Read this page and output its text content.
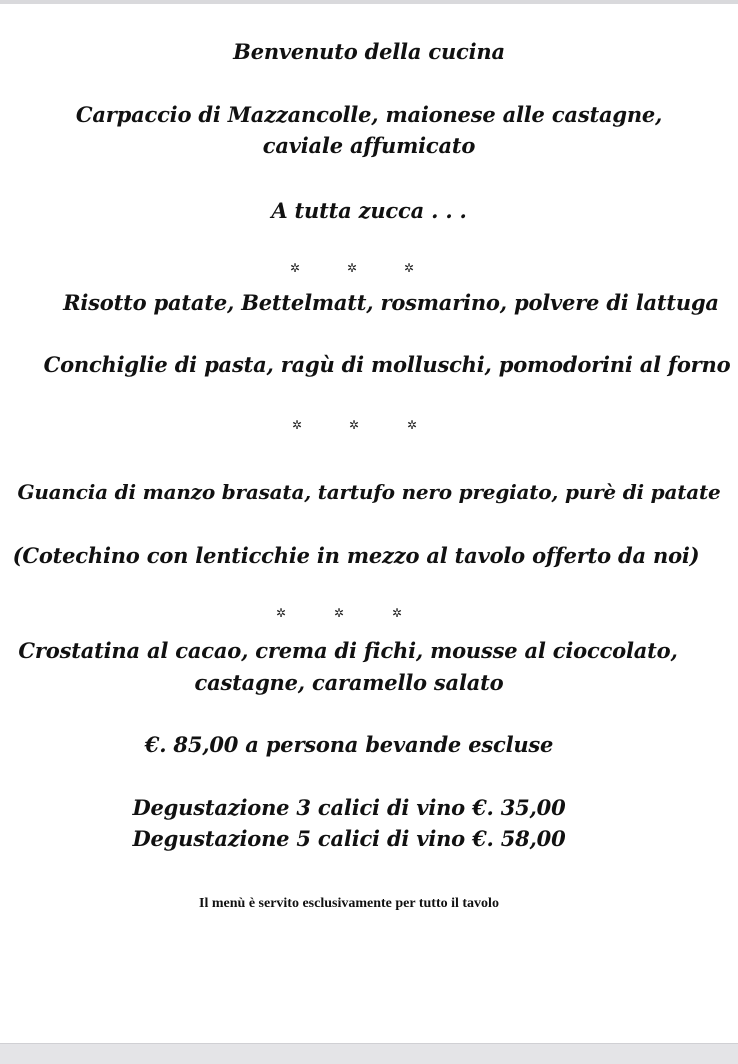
Benvenuto della cucina
Carpaccio di Mazzancolle, maionese alle castagne,
caviale affumicato
A tutta zucca . . .
✲	✲	✲
Risotto patate, Bettelmatt, rosmarino, polvere di lattuga
Conchiglie di pasta, ragù di molluschi, pomodorini al forno
✲	✲	✲
Guancia di manzo brasata, tartufo nero pregiato, purè di patate
(Cotechino con lenticchie in mezzo al tavolo offerto da noi)
✲	✲	✲
Crostatina al cacao, crema di fichi, mousse al cioccolato,
castagne, caramello salato
€. 85,00 a persona bevande escluse
Degustazione 3 calici di vino €. 35,00
Degustazione 5 calici di vino €. 58,00
Il menù è servito esclusivamente per tutto il tavolo
